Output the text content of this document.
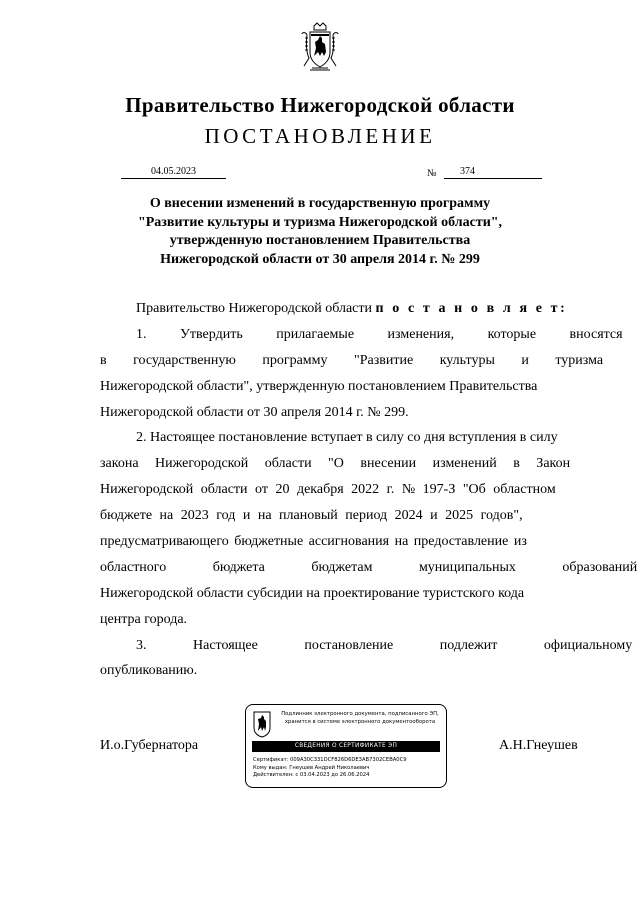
Правительство Нижегородской области
ПОСТАНОВЛЕНИЕ
04.05.2023	№	374
О внесении изменений в государственную программу
"Развитие культуры и туризма Нижегородской области",
утвержденную постановлением Правительства
Нижегородской области от 30 апреля 2014 г. № 299
Правительство Нижегородской области п о с т а н о в л я е т:
1. Утвердить прилагаемые изменения, которые вносятся
в государственную программу "Развитие культуры и туризма
Нижегородской области", утвержденную постановлением Правительства
Нижегородской области от 30 апреля 2014 г. № 299.
2. Настоящее постановление вступает в силу со дня вступления в силу
закона Нижегородской области "О внесении изменений в Закон
Нижегородской области от 20 декабря 2022 г. № 197-З "Об областном
бюджете на 2023 год и на плановый период 2024 и 2025 годов",
предусматривающего бюджетные ассигнования на предоставление из
областного бюджета бюджетам муниципальных образований
Нижегородской области субсидии на проектирование туристского кода
центра города.
3. Настоящее постановление подлежит официальному
опубликованию.
И.о.Губернатора	А.Н.Гнеушев
Подлинник электронного документа, подписанного ЭП,
хранится в системе электронного документооборота
СВЕДЕНИЯ О СЕРТИФИКАТЕ ЭП
Сертификат: 009A30C331DCF826D6DE3AB7302CEBA0C9
Кому выдан: Гнеушев Андрей Николаевич
Действителен: с 03.04.2023 до 26.06.2024
